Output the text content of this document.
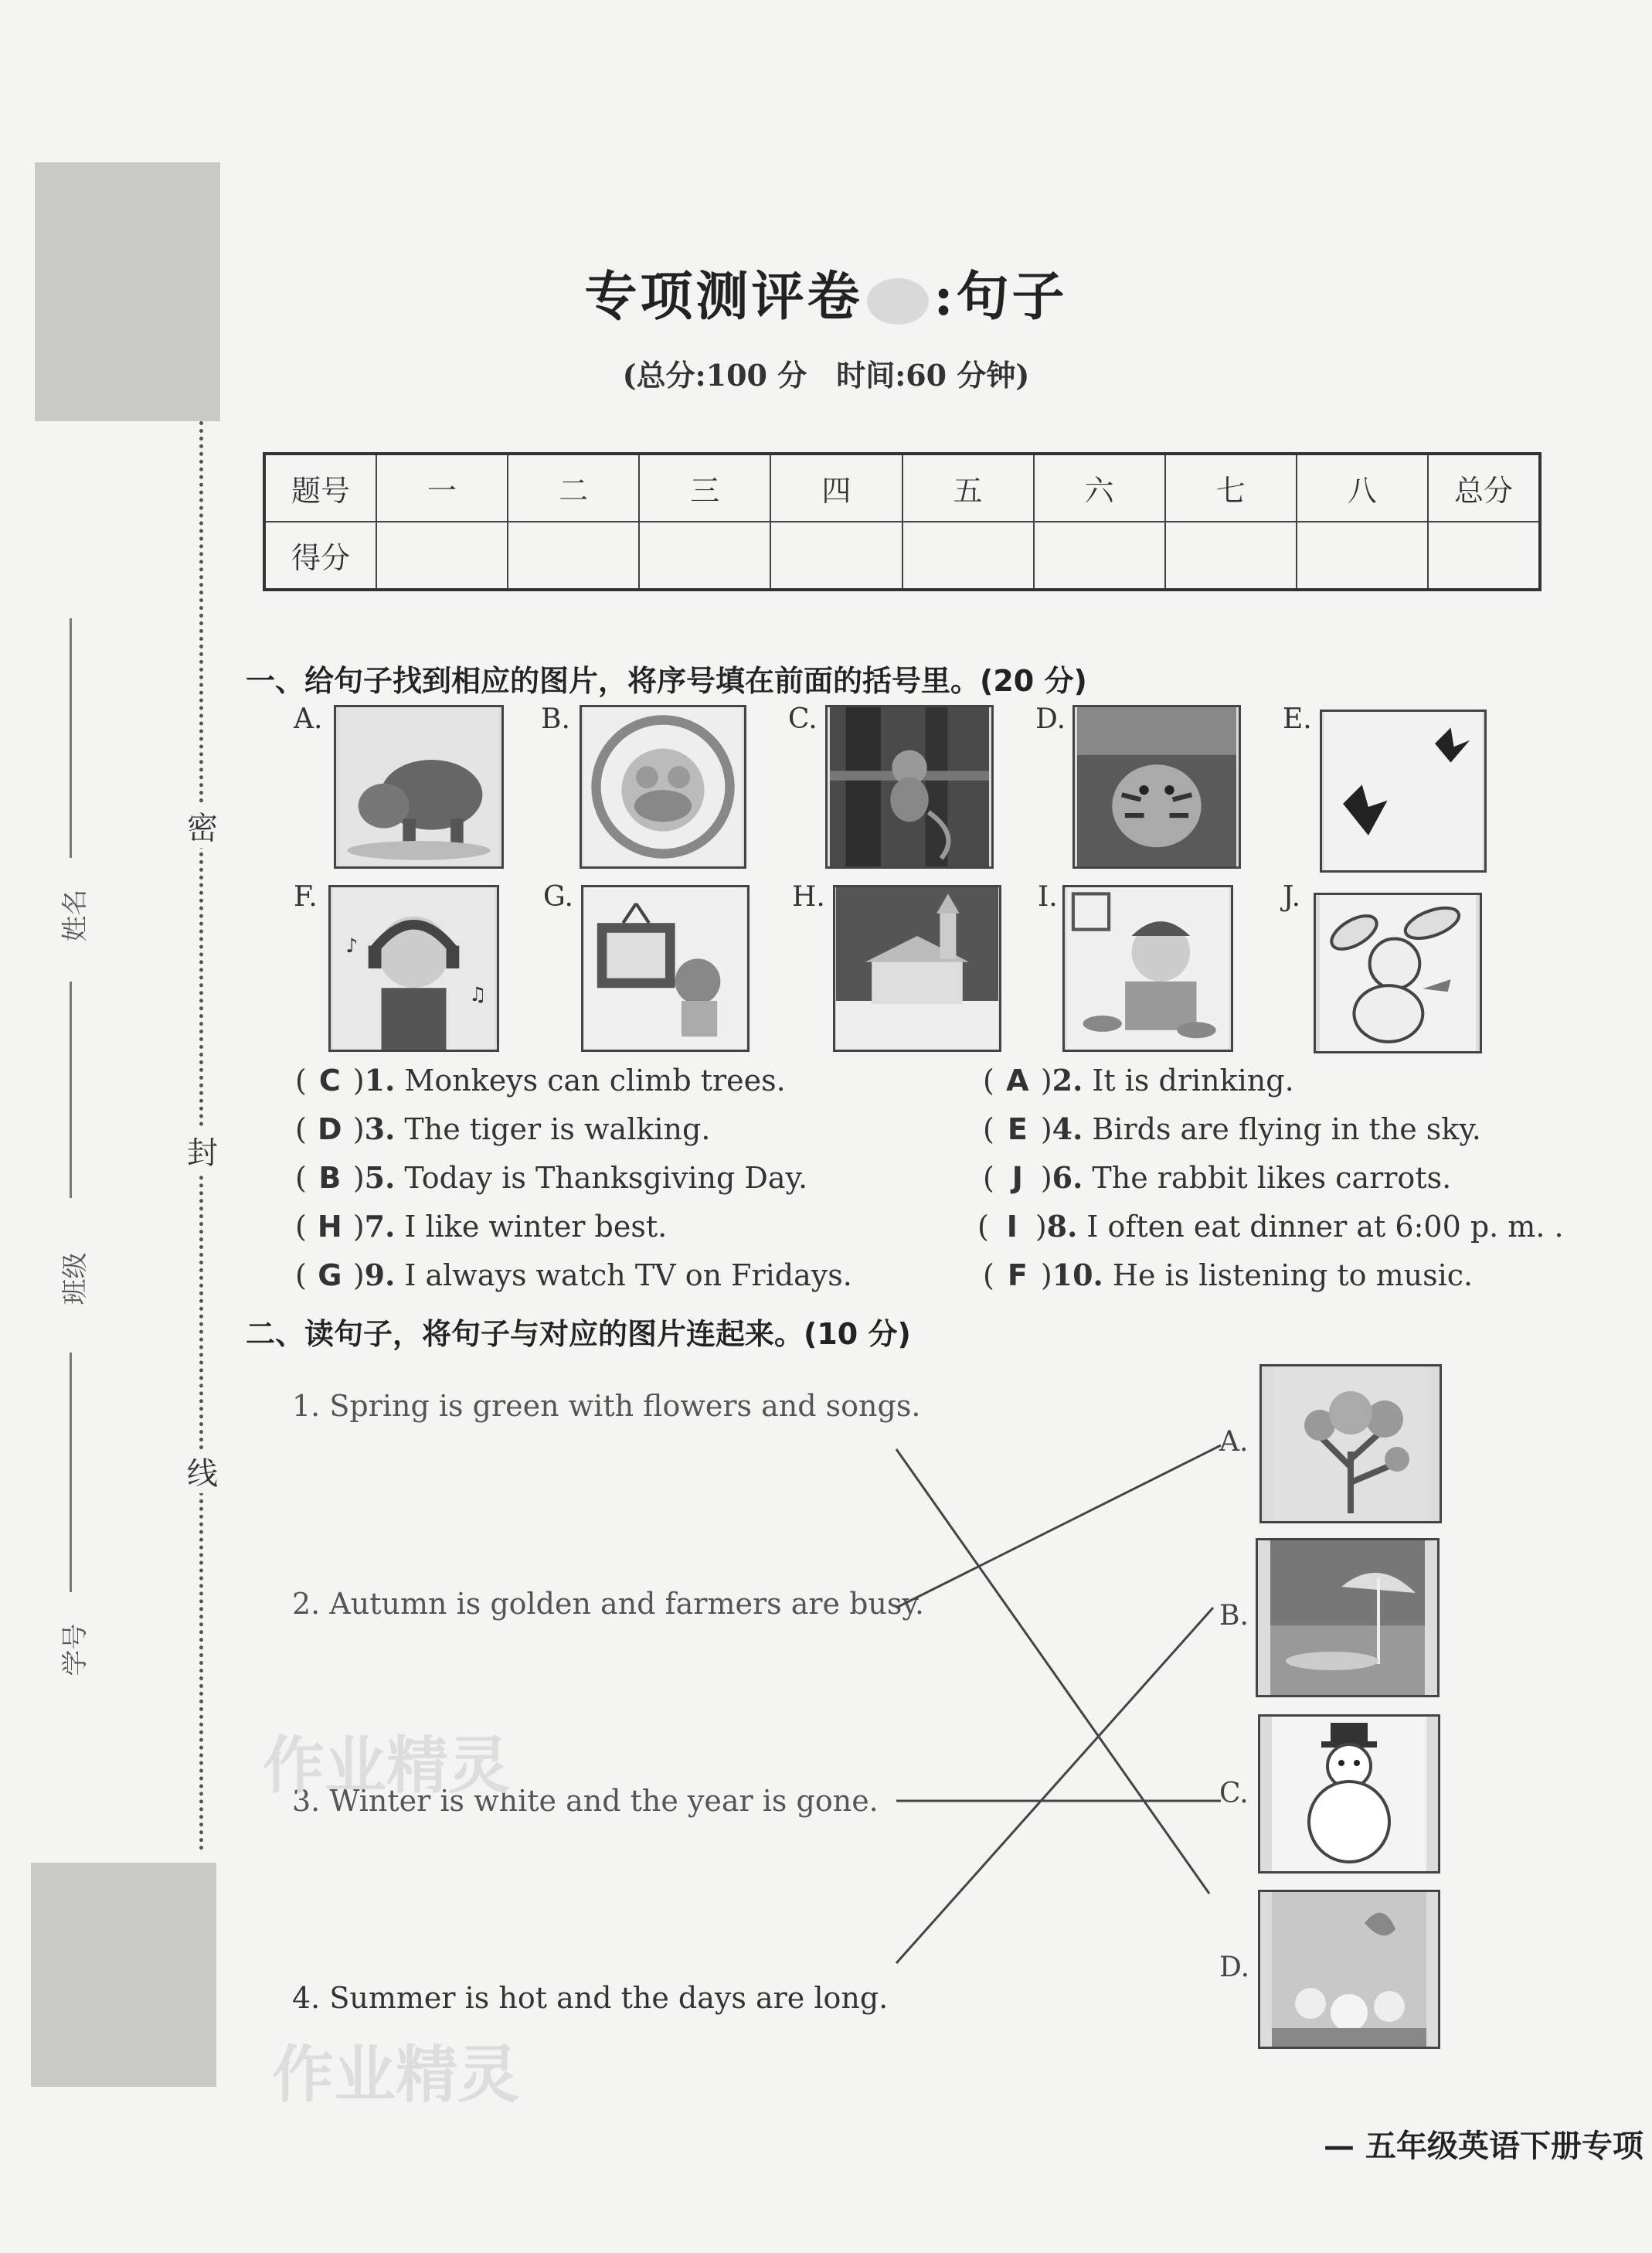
密
封
线
姓名
班级
学号
专项测评卷 :句子
(总分:100 分　时间:60 分钟)
题号	一	二	三	四	五	六	七	八	总分
得分									
一、给句子找到相应的图片，将序号填在前面的括号里。(20 分)
A.	B.	C.	D.	E.
F.
♪
♫
G.	H.	I.	J.
( C )1. Monkeys can climb trees.	( A )2. It is drinking.
( D )3. The tiger is walking.	( E )4. Birds are flying in the sky.
( B )5. Today is Thanksgiving Day.	( J )6. The rabbit likes carrots.
( H )7. I like winter best.	( I )8. I often eat dinner at 6:00 p. m. .
( G )9. I always watch TV on Fridays.	( F )10. He is listening to music.
二、读句子，将句子与对应的图片连起来。(10 分)
1. Spring is green with flowers and songs.
2. Autumn is golden and farmers are busy.
3. Winter is white and the year is gone.
4. Summer is hot and the days are long.
A.
B.
C.
D.
作业精灵
作业精灵
— 五年级英语下册专项
